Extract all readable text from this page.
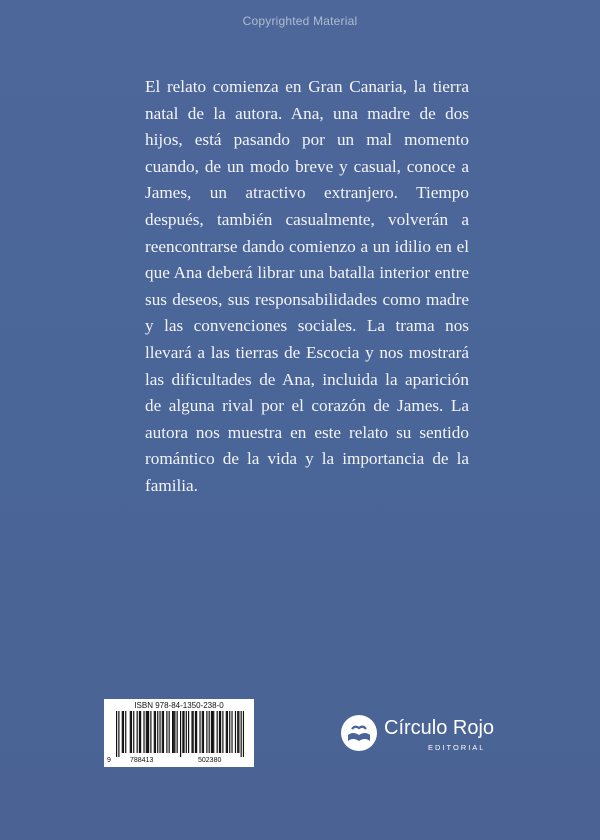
Copyrighted Material

El relato comienza en Gran Canaria, la tierra natal de la autora. Ana, una madre de dos hijos, está pasando por un mal momento cuando, de un modo breve y casual, conoce a James, un atractivo extranjero. Tiempo después, también casualmente, volverán a reencontrarse dando comienzo a un idilio en el que Ana deberá librar una batalla interior entre sus deseos, sus responsabilidades como madre y las convenciones sociales. La trama nos llevará a las tierras de Escocia y nos mostrará las dificultades de Ana, incluida la aparición de alguna rival por el corazón de James. La autora nos muestra en este relato su sentido romántico de la vida y la importancia de la familia.

ISBN 978-84-1350-238-0
9	788413	502380
Círculo Rojo
EDITORIAL
